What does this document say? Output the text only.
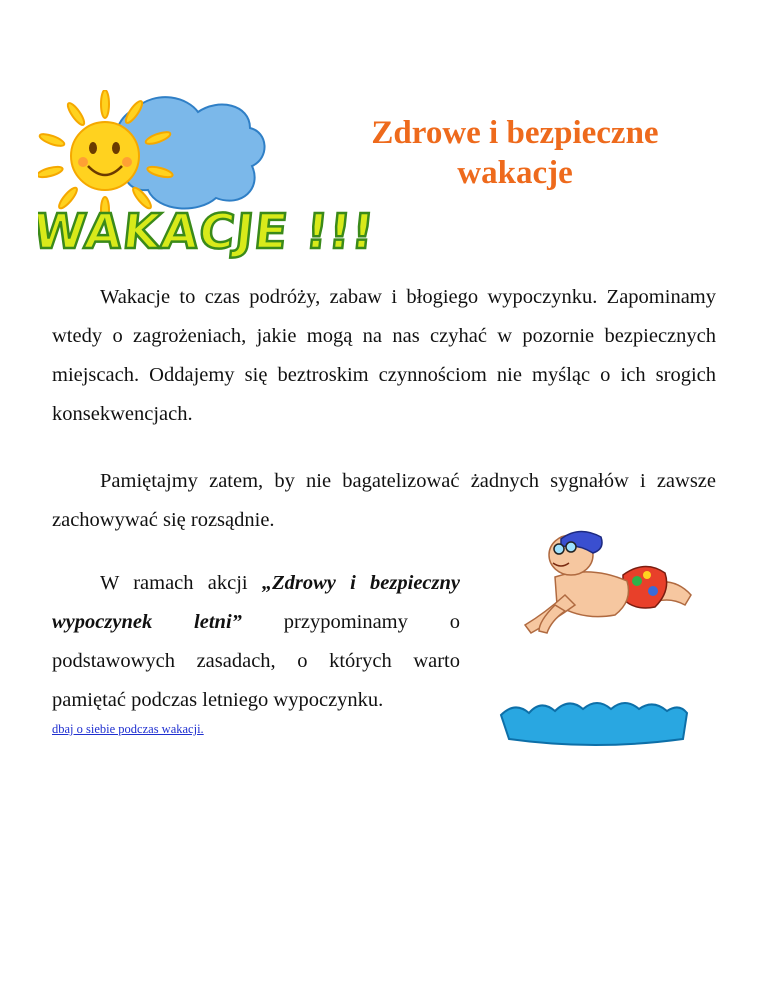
WAKACJE !!!
Zdrowe i bezpieczne
wakacje

Wakacje to czas podróży, zabaw i błogiego wypoczynku. Zapominamy wtedy o zagrożeniach, jakie mogą na nas czyhać w pozornie bezpiecznych miejscach. Oddajemy się beztroskim czynnościom nie myśląc o ich srogich konsekwencjach.

Pamiętajmy zatem, by nie bagatelizować żadnych sygnałów i zawsze zachowywać się rozsądnie.

W ramach akcji „Zdrowy i bezpieczny wypoczynek letni” przypominamy o podstawowych zasadach, o których warto pamiętać podczas letniego wypoczynku.

dbaj o siebie podczas wakacji.
